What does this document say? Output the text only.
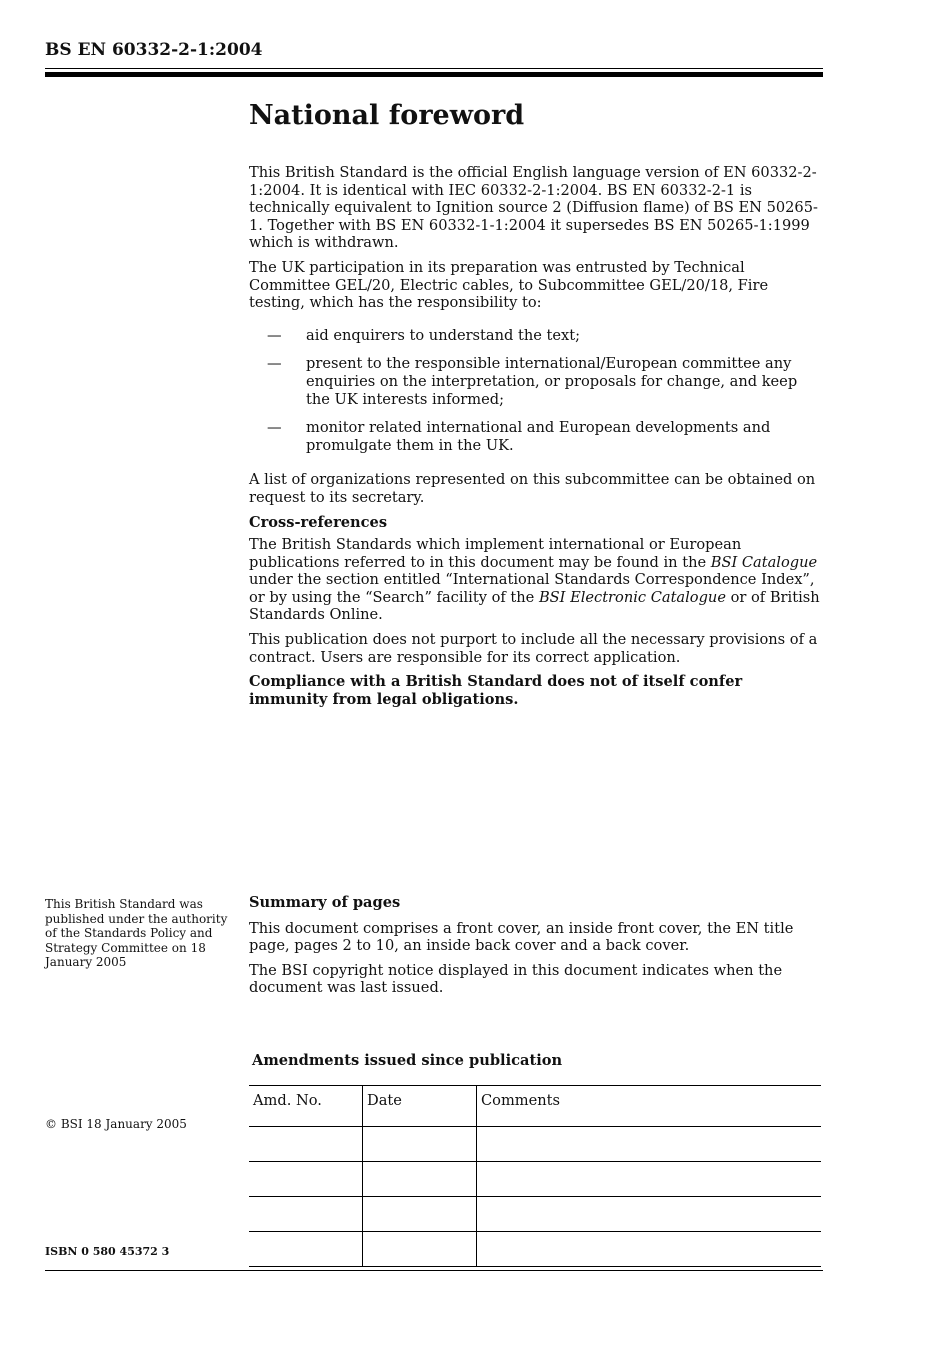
BS EN 60332-2-1:2004
National foreword

This British Standard is the official English language version of EN 60332-2-1:2004. It is identical with IEC 60332-2-1:2004. BS EN 60332-2-1 is technically equivalent to Ignition source 2 (Diffusion flame) of BS EN 50265-1. Together with BS EN 60332-1-1:2004 it supersedes BS EN 50265-1:1999 which is withdrawn.

The UK participation in its preparation was entrusted by Technical Committee GEL/20, Electric cables, to Subcommittee GEL/20/18, Fire testing, which has the responsibility to:

— aid enquirers to understand the text;
— present to the responsible international/European committee any enquiries on the interpretation, or proposals for change, and keep the UK interests informed;
— monitor related international and European developments and promulgate them in the UK.

A list of organizations represented on this subcommittee can be obtained on request to its secretary.

Cross-references

The British Standards which implement international or European publications referred to in this document may be found in the BSI Catalogue under the section entitled “International Standards Correspondence Index”, or by using the “Search” facility of the BSI Electronic Catalogue or of British Standards Online.

This publication does not purport to include all the necessary provisions of a contract. Users are responsible for its correct application.

Compliance with a British Standard does not of itself confer immunity from legal obligations.

This British Standard was published under the authority of the Standards Policy and Strategy Committee on 18 January 2005
© BSI 18 January 2005
ISBN 0 580 45372 3
Summary of pages

This document comprises a front cover, an inside front cover, the EN title page, pages 2 to 10, an inside back cover and a back cover.

The BSI copyright notice displayed in this document indicates when the document was last issued.

Amendments issued since publication
Amd. No.	Date	Comments
